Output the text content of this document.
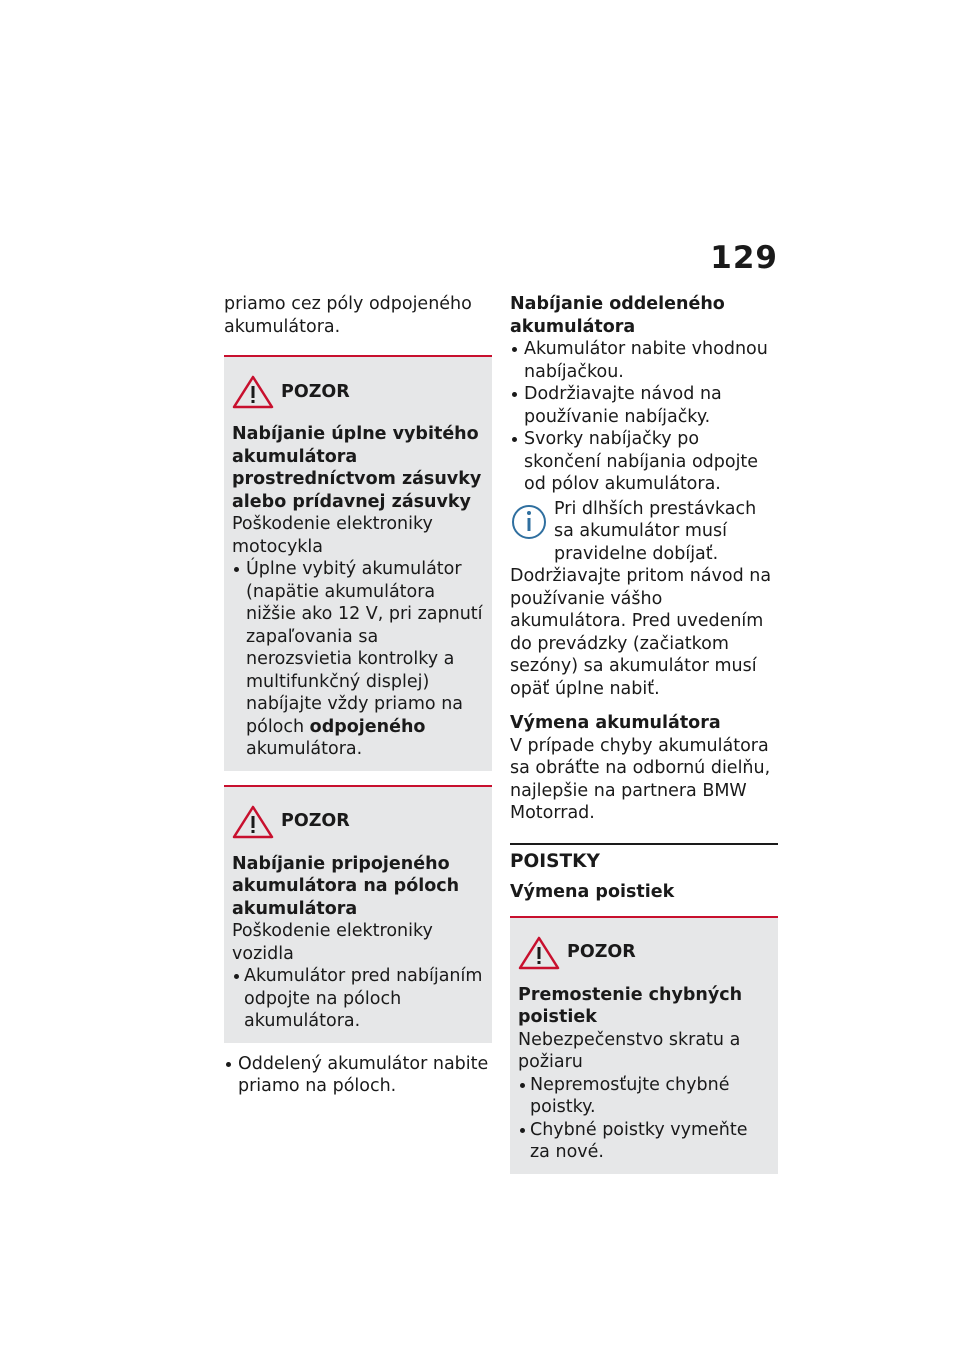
129

priamo cez póly odpojeného akumulátora.

POZOR

Nabíjanie úplne vybitého akumulátora prostredníctvom zásuvky alebo prídavnej zásuvky

Poškodenie elektroniky motocykla

Úplne vybitý akumulátor (napätie akumulátora nižšie ako 12 V, pri zapnutí zapaľovania sa nerozsvietia kontrolky a multifunkčný displej) nabíjajte vždy priamo na póloch odpojeného akumulátora.
POZOR

Nabíjanie pripojeného akumulátora na póloch akumulátora

Poškodenie elektroniky vozidla

Akumulátor pred nabíjaním odpojte na póloch akumulátora.
Oddelený akumulátor nabite priamo na póloch.

Nabíjanie oddeleného akumulátora

Akumulátor nabite vhodnou nabíjačkou.
Dodržiavajte návod na používanie nabíjačky.
Svorky nabíjačky po skončení nabíjania odpojte od pólov akumulátora.

Pri dlhších prestávkach sa akumulátor musí pravidelne dobíjať. Dodržiavajte pritom návod na používanie vášho akumulátora. Pred uvedením do prevádzky (začiatkom sezóny) sa akumulátor musí opäť úplne nabiť.

Výmena akumulátora

V prípade chyby akumulátora sa obráťte na odbornú dielňu, najlepšie na partnera BMW Motorrad.

POISTKY

Výmena poistiek

POZOR

Premostenie chybných poistiek

Nebezpečenstvo skratu a požiaru

Nepremosťujte chybné poistky.
Chybné poistky vymeňte za nové.
